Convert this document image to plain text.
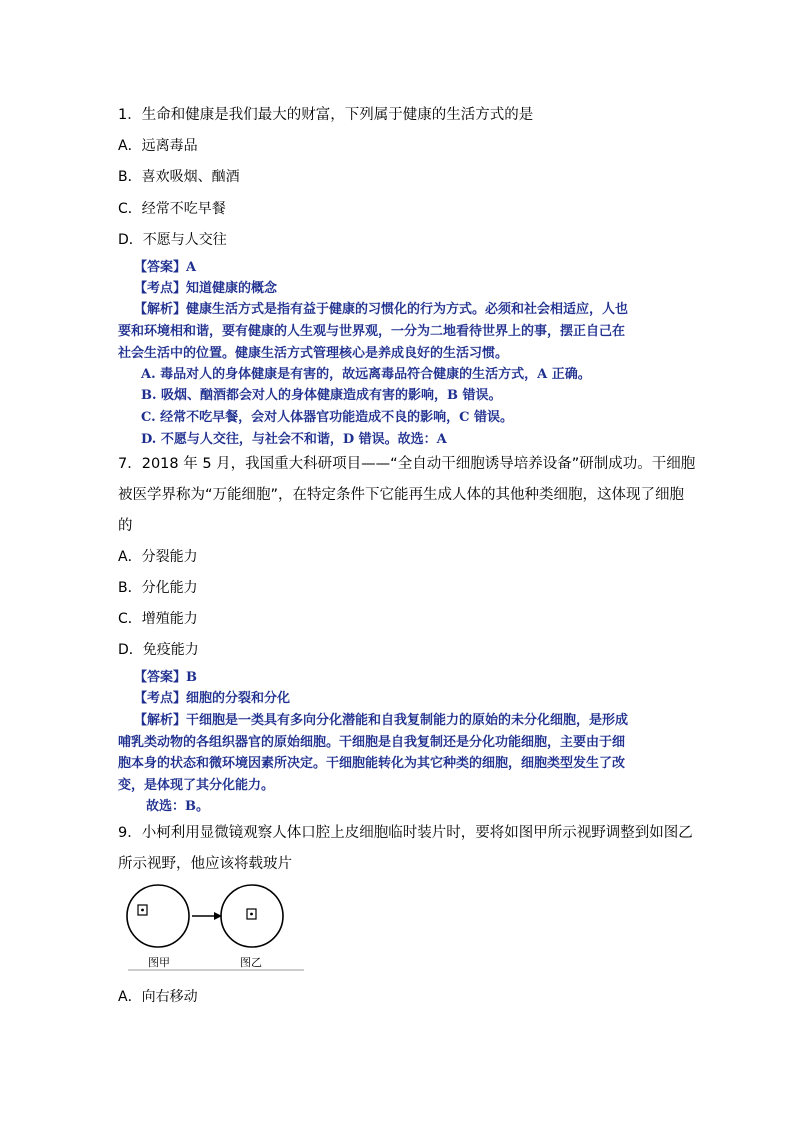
1．生命和健康是我们最大的财富，下列属于健康的生活方式的是
A．远离毒品
B．喜欢吸烟、酗酒
C．经常不吃早餐
D．不愿与人交往
【答案】A
【考点】知道健康的概念
【解析】健康生活方式是指有益于健康的习惯化的行为方式。必须和社会相适应，人也
要和环境相和谐，要有健康的人生观与世界观，一分为二地看待世界上的事，摆正自己在
社会生活中的位置。健康生活方式管理核心是养成良好的生活习惯。
A. 毒品对人的身体健康是有害的，故远离毒品符合健康的生活方式，A 正确。
B. 吸烟、酗酒都会对人的身体健康造成有害的影响，B 错误。
C. 经常不吃早餐，会对人体器官功能造成不良的影响，C 错误。
D. 不愿与人交往，与社会不和谐，D 错误。故选：A
7．2018 年 5 月，我国重大科研项目——“全自动干细胞诱导培养设备”研制成功。干细胞
被医学界称为“万能细胞”，在特定条件下它能再生成人体的其他种类细胞，这体现了细胞
的
A．分裂能力
B．分化能力
C．增殖能力
D．免疫能力
【答案】B
【考点】细胞的分裂和分化
【解析】干细胞是一类具有多向分化潜能和自我复制能力的原始的未分化细胞，是形成
哺乳类动物的各组织器官的原始细胞。干细胞是自我复制还是分化功能细胞，主要由于细
胞本身的状态和微环境因素所决定。干细胞能转化为其它种类的细胞，细胞类型发生了改
变，是体现了其分化能力。
故选：B。
9．小柯利用显微镜观察人体口腔上皮细胞临时装片时，要将如图甲所示视野调整到如图乙
所示视野，他应该将载玻片
图甲	图乙
A．向右移动
